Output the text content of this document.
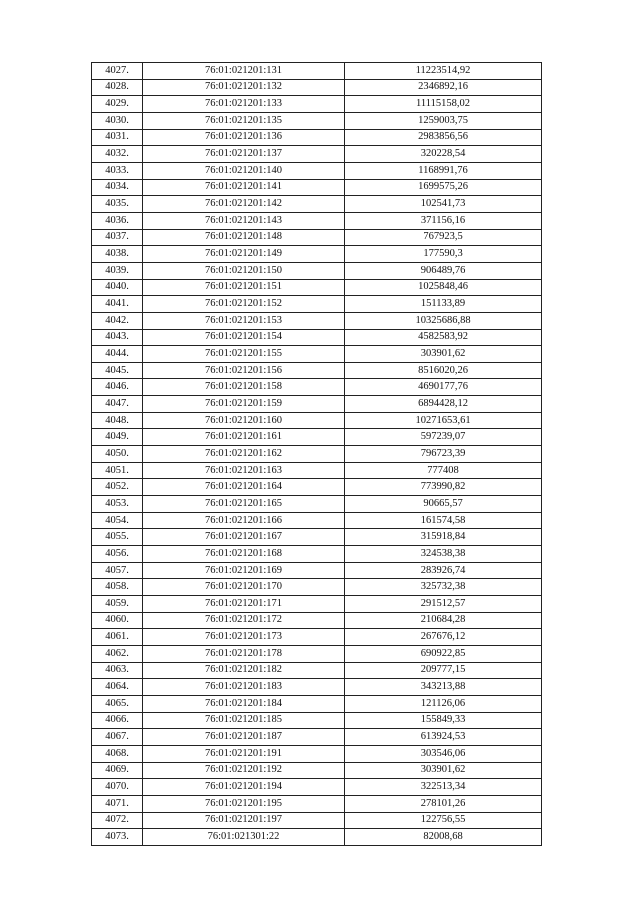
4027.	76:01:021201:131	11223514,92
4028.	76:01:021201:132	2346892,16
4029.	76:01:021201:133	11115158,02
4030.	76:01:021201:135	1259003,75
4031.	76:01:021201:136	2983856,56
4032.	76:01:021201:137	320228,54
4033.	76:01:021201:140	1168991,76
4034.	76:01:021201:141	1699575,26
4035.	76:01:021201:142	102541,73
4036.	76:01:021201:143	371156,16
4037.	76:01:021201:148	767923,5
4038.	76:01:021201:149	177590,3
4039.	76:01:021201:150	906489,76
4040.	76:01:021201:151	1025848,46
4041.	76:01:021201:152	151133,89
4042.	76:01:021201:153	10325686,88
4043.	76:01:021201:154	4582583,92
4044.	76:01:021201:155	303901,62
4045.	76:01:021201:156	8516020,26
4046.	76:01:021201:158	4690177,76
4047.	76:01:021201:159	6894428,12
4048.	76:01:021201:160	10271653,61
4049.	76:01:021201:161	597239,07
4050.	76:01:021201:162	796723,39
4051.	76:01:021201:163	777408
4052.	76:01:021201:164	773990,82
4053.	76:01:021201:165	90665,57
4054.	76:01:021201:166	161574,58
4055.	76:01:021201:167	315918,84
4056.	76:01:021201:168	324538,38
4057.	76:01:021201:169	283926,74
4058.	76:01:021201:170	325732,38
4059.	76:01:021201:171	291512,57
4060.	76:01:021201:172	210684,28
4061.	76:01:021201:173	267676,12
4062.	76:01:021201:178	690922,85
4063.	76:01:021201:182	209777,15
4064.	76:01:021201:183	343213,88
4065.	76:01:021201:184	121126,06
4066.	76:01:021201:185	155849,33
4067.	76:01:021201:187	613924,53
4068.	76:01:021201:191	303546,06
4069.	76:01:021201:192	303901,62
4070.	76:01:021201:194	322513,34
4071.	76:01:021201:195	278101,26
4072.	76:01:021201:197	122756,55
4073.	76:01:021301:22	82008,68
